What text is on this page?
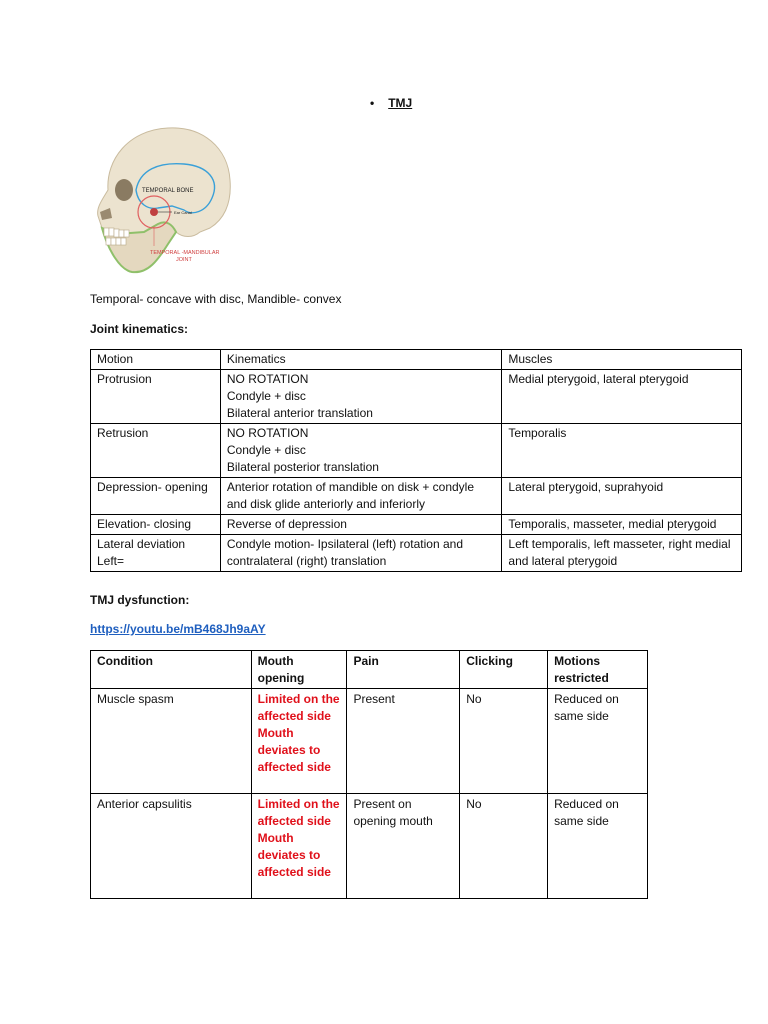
• TMJ
TEMPORAL BONE
Ear Canal
TEMPORAL -MANDIBULAR
JOINT
Temporal- concave with disc, Mandible- convex
Joint kinematics:
Motion	Kinematics	Muscles
Protrusion	NO ROTATION
Condyle + disc
Bilateral anterior translation	Medial pterygoid, lateral pterygoid
Retrusion	NO ROTATION
Condyle + disc
Bilateral posterior translation	Temporalis
Depression- opening	Anterior rotation of mandible on disk + condyle and disk glide anteriorly and inferiorly	Lateral pterygoid, suprahyoid
Elevation- closing	Reverse of depression	Temporalis, masseter, medial pterygoid
Lateral deviation Left=	Condyle motion- Ipsilateral (left) rotation and contralateral (right) translation	Left temporalis, left masseter, right medial and lateral pterygoid
TMJ dysfunction:
https://youtu.be/mB468Jh9aAY
Condition	Mouth opening	Pain	Clicking	Motions restricted
Muscle spasm	Limited on the affected side
Mouth deviates to affected side	Present	No	Reduced on same side
Anterior capsulitis	Limited on the affected side
Mouth deviates to affected side	Present on opening mouth	No	Reduced on same side
